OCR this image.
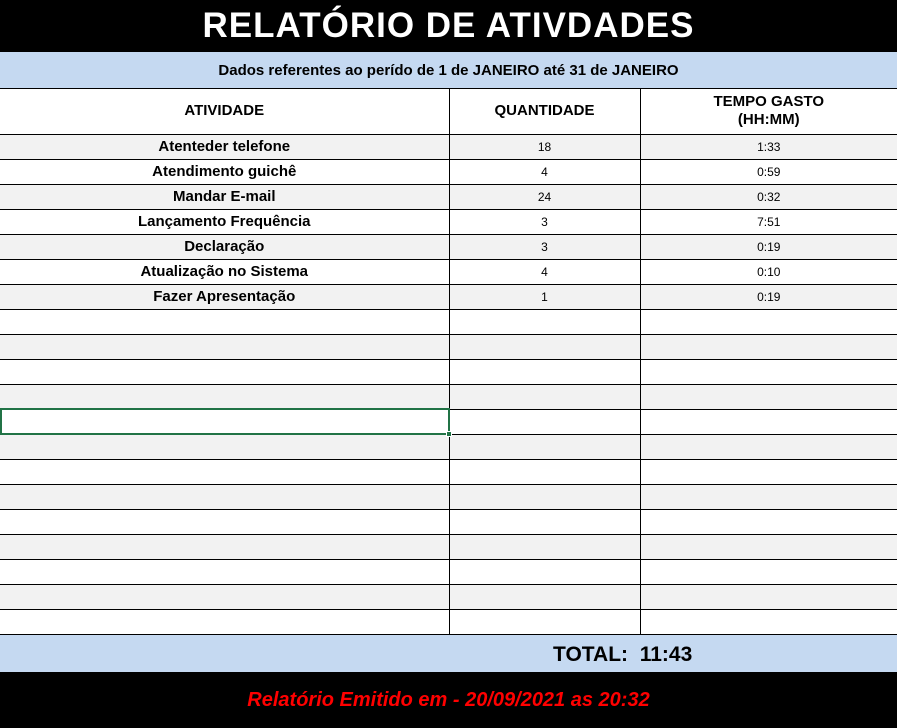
RELATÓRIO DE ATIVDADES
Dados referentes ao perído de 1 de JANEIRO até 31 de JANEIRO
ATIVIDADE	QUANTIDADE	TEMPO GASTO
(HH:MM)

Atenteder telefone	18	1:33
Atendimento guichê	4	0:59
Mandar E-mail	24	0:32
Lançamento Frequência	3	7:51
Declaração	3	0:19
Atualização no Sistema	4	0:10
Fazer Apresentação	1	0:19

TOTAL: 11:43
Relatório Emitido em - 20/09/2021 as 20:32
